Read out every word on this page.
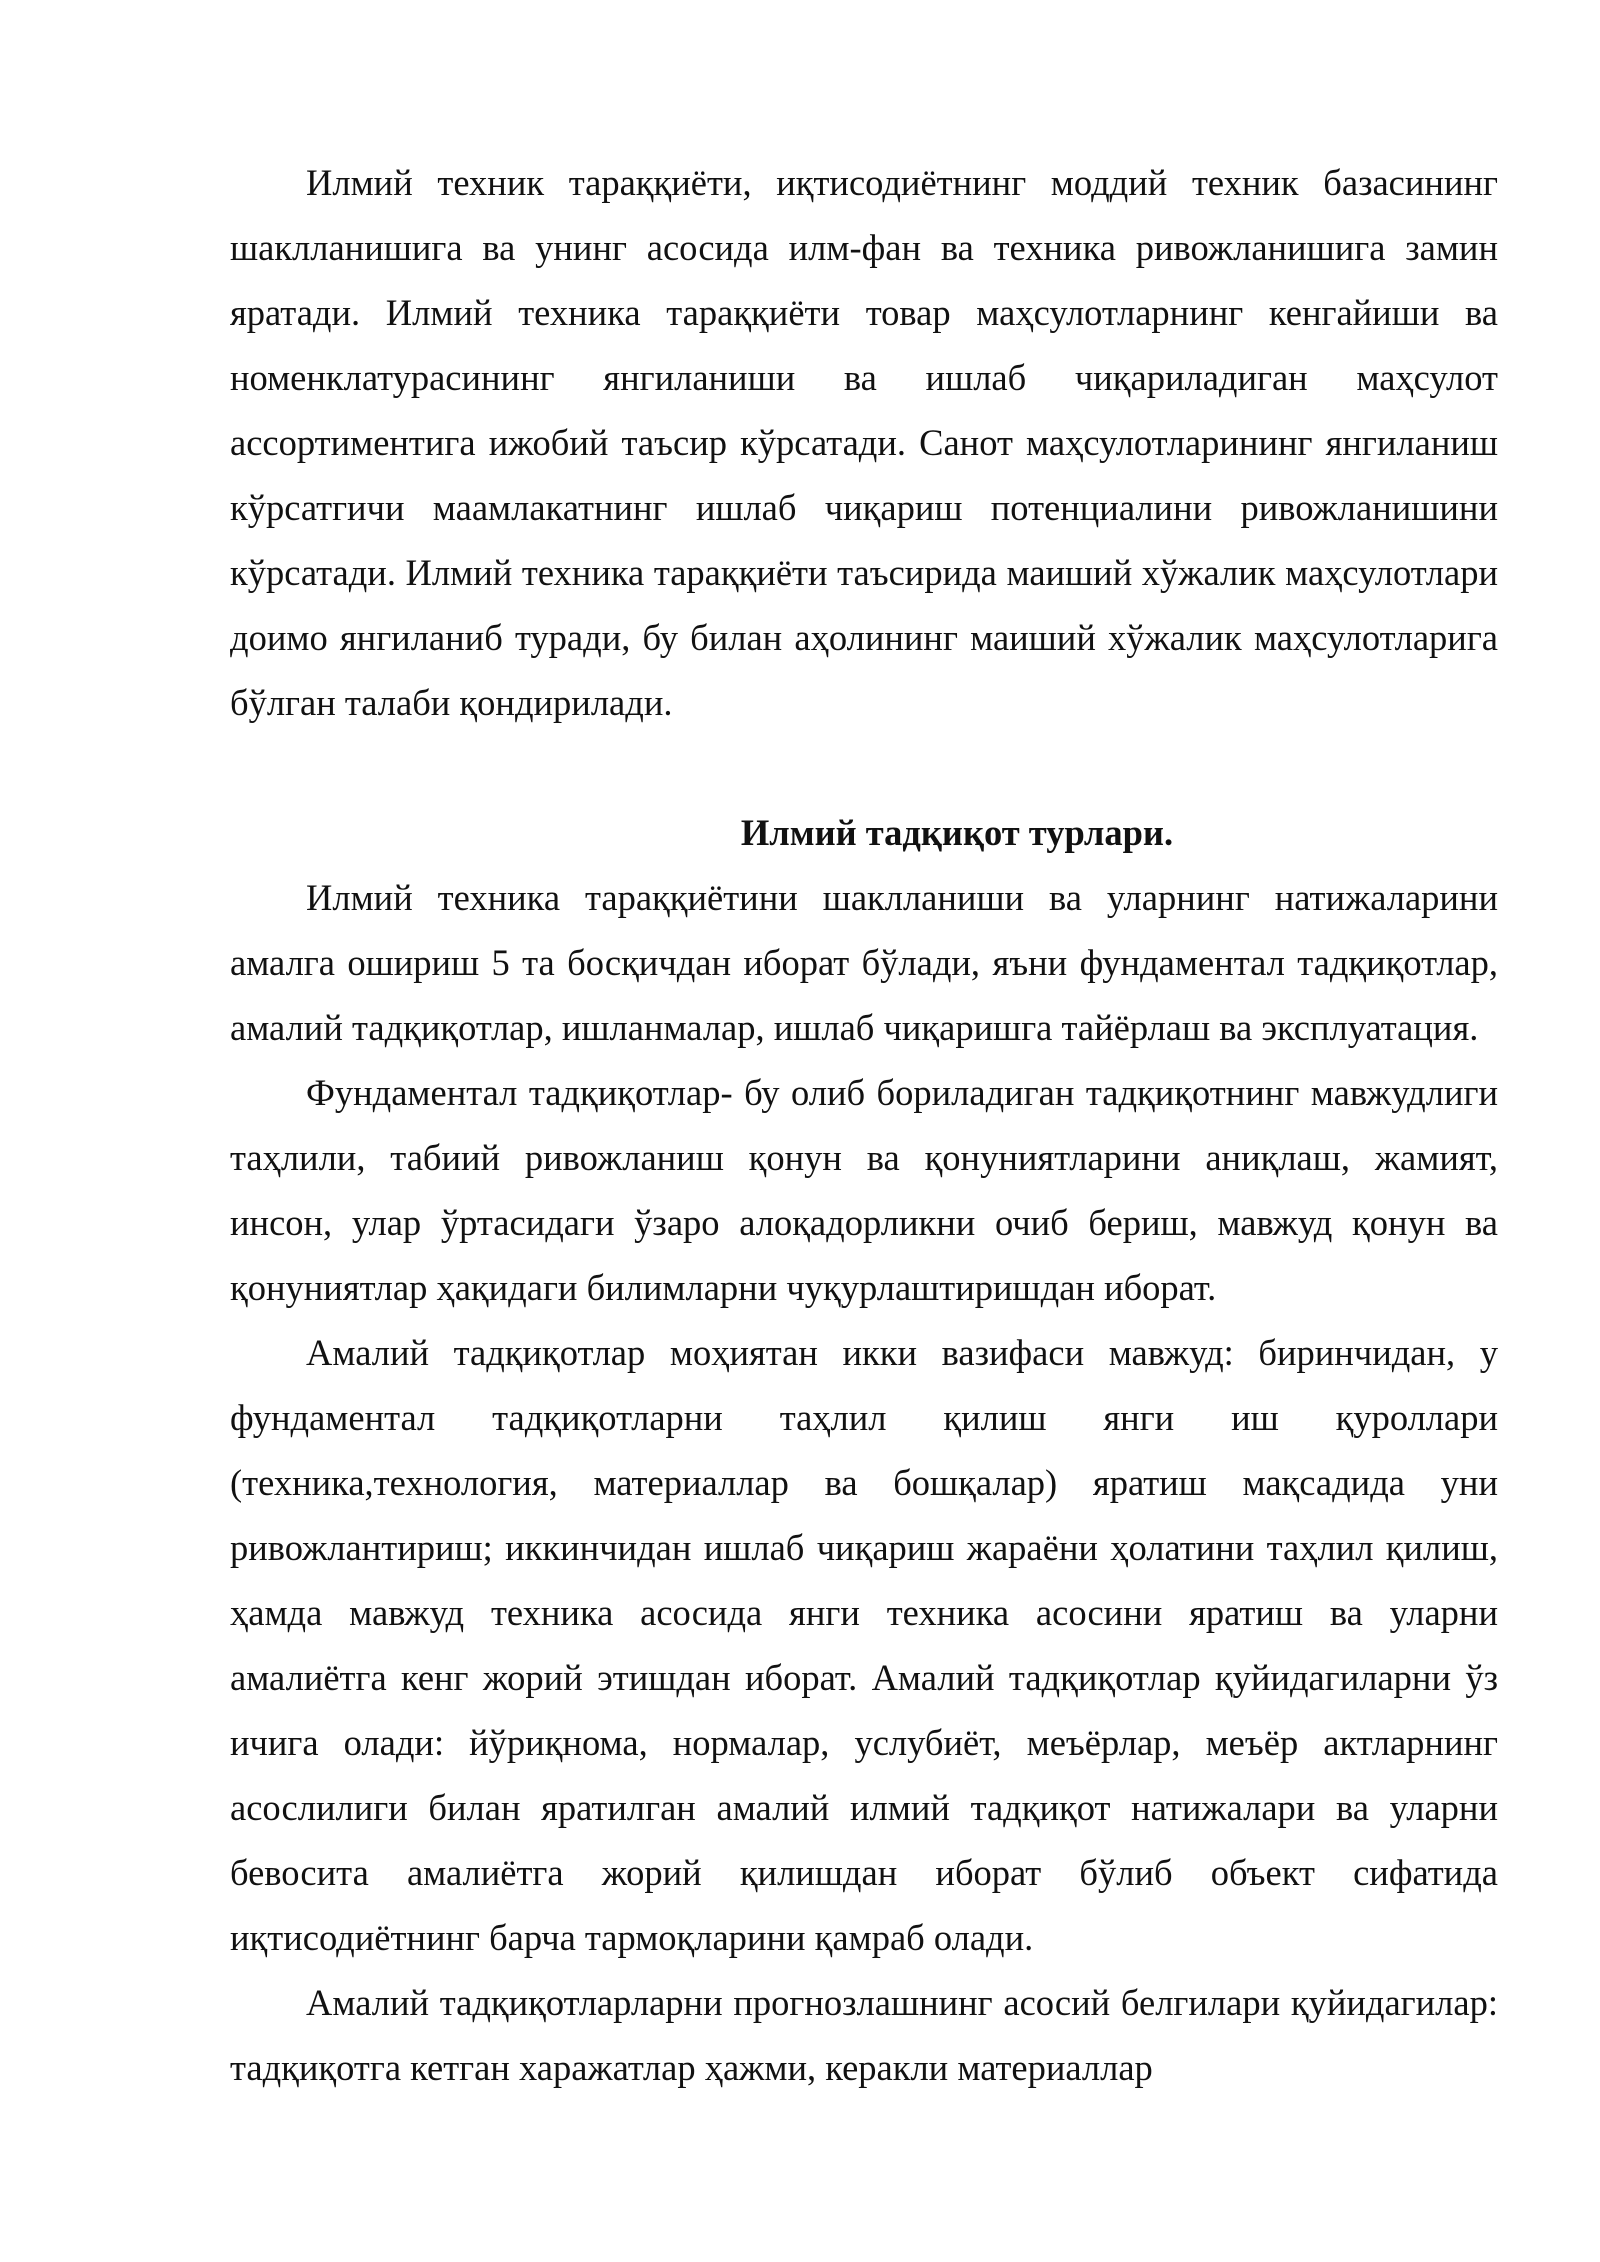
Илмий техник тараққиёти, иқтисодиётнинг моддий техник базасининг шаклланишига ва унинг асосида илм-фан ва техника ривожланишига замин яратади. Илмий техника тараққиёти товар маҳсулотларнинг кенгайиши ва номенклатурасининг янгиланиши ва ишлаб чиқариладиган маҳсулот ассортиментига ижобий таъсир кўрсатади. Санот маҳсулотларининг янгиланиш кўрсатгичи маамлакатнинг ишлаб чиқариш потенциалини ривожланишини кўрсатади. Илмий техника тараққиёти таъсирида маиший хўжалик маҳсулотлари доимо янгиланиб туради, бу билан аҳолининг маиший хўжалик маҳсулотларига бўлган талаби қондирилади.

Илмий тадқиқот турлари.

Илмий техника тараққиётини шаклланиши ва уларнинг натижаларини амалга ошириш 5 та босқичдан иборат бўлади, яъни фундаментал тадқиқотлар, амалий тадқиқотлар, ишланмалар, ишлаб чиқаришга тайёрлаш ва эксплуатация.

Фундаментал тадқиқотлар- бу олиб бориладиган тадқиқотнинг мавжудлиги таҳлили, табиий ривожланиш қонун ва қонуниятларини аниқлаш, жамият, инсон, улар ўртасидаги ўзаро алоқадорликни очиб бериш, мавжуд қонун ва қонуниятлар ҳақидаги билимларни чуқурлаштиришдан иборат.

Амалий тадқиқотлар моҳиятан икки вазифаси мавжуд: биринчидан, у фундаментал тадқиқотларни таҳлил қилиш янги иш қуроллари (техника,технология, материаллар ва бошқалар) яратиш мақсадида уни ривожлантириш; иккинчидан ишлаб чиқариш жараёни ҳолатини таҳлил қилиш, ҳамда мавжуд техника асосида янги техника асосини яратиш ва уларни амалиётга кенг жорий этишдан иборат. Амалий тадқиқотлар қуйидагиларни ўз ичига олади: йўриқнома, нормалар, услубиёт, меъёрлар, меъёр актларнинг асослилиги билан яратилган амалий илмий тадқиқот натижалари ва уларни бевосита амалиётга жорий қилишдан иборат бўлиб объект сифатида иқтисодиётнинг барча тармоқларини қамраб олади.

Амалий тадқиқотларларни прогнозлашнинг асосий белгилари қуйидагилар: тадқиқотга кетган харажатлар ҳажми, керакли материаллар
